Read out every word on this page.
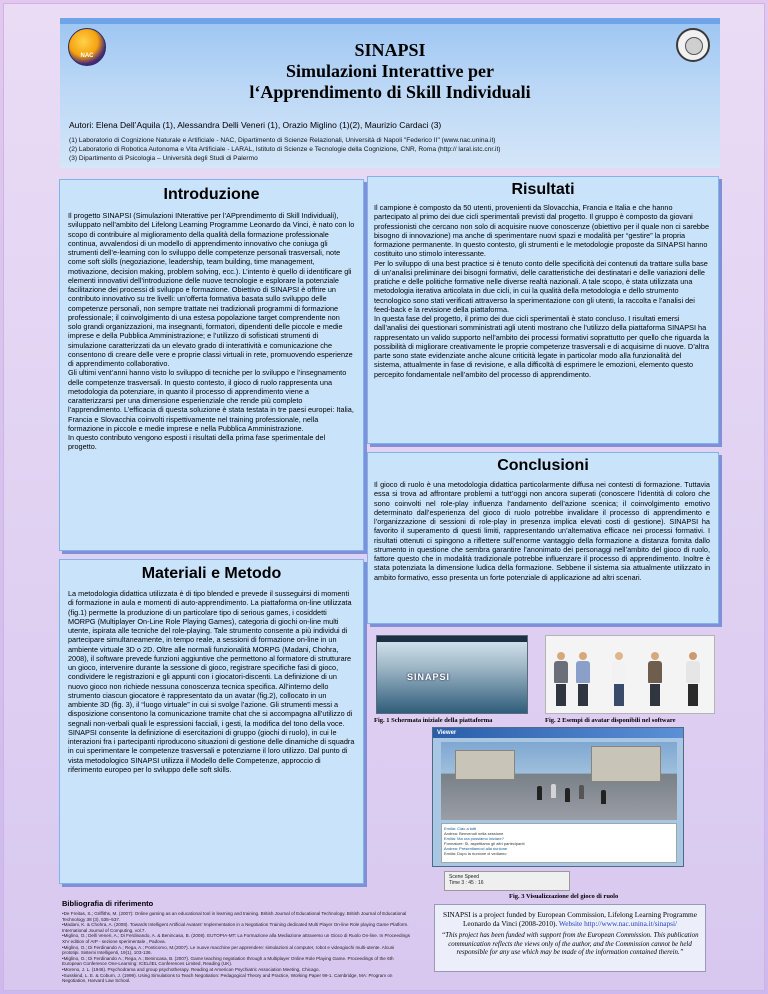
NAC	SINAPSI
Simulazioni Interattive per
l‘Apprendimento di Skill Individuali
Autori: Elena Dell’Aquila (1), Alessandra Delli Veneri (1), Orazio Miglino (1)(2), Maurizio Cardaci (3)
(1) Laboratorio di Cognizione Naturale e Artificiale - NAC, Dipartimento di Scienze Relazionali, Università di Napoli "Federico II" (www.nac.unina.it)
(2) Laboratorio di Robotica Autonoma e Vita Artificiale - LARAL, Istituto di Scienze e Tecnologie della Cognizione, CNR, Roma (http:// laral.istc.cnr.it)
(3) Dipartimento di Psicologia – Università degli Studi di Palermo
Introduzione
Il progetto SINAPSI (Simulazioni INterattive per l’APprendimento di Skill Individuali), sviluppato nell’ambito del Lifelong Learning Programme Leonardo da Vinci, è nato con lo scopo di contribuire al miglioramento della qualità della formazione professionale continua, avvalendosi di un modello di apprendimento innovativo che coniuga gli strumenti dell’e-learning con lo sviluppo delle competenze personali trasversali, note come soft skills (negoziazione, leadership, team building, time management, motivazione, decision making, problem solving, ecc.). L’intento è quello di identificare gli elementi innovativi dell’introduzione delle nuove tecnologie e esplorare la potenziale facilitazione dei processi di sviluppo e formazione. Obiettivo di SINAPSI è offrire un contributo innovativo su tre livelli: un’offerta formativa basata sullo sviluppo delle competenze personali, non sempre trattate nei tradizionali programmi di formazione professionale; il coinvolgimento di una estesa popolazione target comprendente non solo grandi organizzazioni, ma insegnanti, formatori, dipendenti delle piccole e medie imprese e della Pubblica Amministrazione; e l’utilizzo di sofisticati strumenti di simulazione caratterizzati da un elevato grado di interattività e comunicazione che consentono di creare delle vere e proprie classi virtuali in rete, promuovendo esperienze di apprendimento collaborativo.
Gli ultimi vent’anni hanno visto lo sviluppo di tecniche per lo sviluppo e l’insegnamento delle competenze trasversali. In questo contesto, il gioco di ruolo rappresenta una metodologia da potenziare, in quanto il processo di apprendimento viene a caratterizzarsi per una dimensione esperienziale che rende più completo l’apprendimento. L’efficacia di questa soluzione è stata testata in tre paesi europei: Italia, Francia e Slovacchia coinvolti rispettivamente nel training professionale, nella formazione in piccole e medie imprese e nella Pubblica Amministrazione.
In questo contributo vengono esposti i risultati della prima fase sperimentale del progetto.
Materiali e Metodo
La metodologia didattica utilizzata è di tipo blended e prevede il susseguirsi di momenti di formazione in aula e momenti di auto-apprendimento. La piattaforma on-line utilizzata (fig.1) permette la produzione di un particolare tipo di serious games, i cosiddetti MORPG (Multiplayer On-Line Role Playing Games), categoria di giochi on-line multi utente, ispirata alle tecniche del role-playing. Tale strumento consente a più individui di partecipare simultaneamente, in tempo reale, a sessioni di formazione on-line in un ambiente virtuale 3D o 2D. Oltre alle normali funzionalità MORPG (Madani, Chohra, 2008), il software prevede funzioni aggiuntive che permettono al formatore di strutturare un gioco, intervenire durante la sessione di gioco, registrare specifiche fasi di gioco, condividere le registrazioni e gli appunti con i giocatori-discenti. La definizione di un nuovo gioco non richiede nessuna conoscenza tecnica specifica. All’interno dello strumento ciascun giocatore è rappresentato da un avatar (fig.2), collocato in un ambiente 3D (fig. 3), il “luogo virtuale” in cui si svolge l’azione. Gli strumenti messi a disposizione consentono la comunicazione tramite chat che si accompagna all’utilizzo di segnali non-verbali quali le espressioni facciali, i gesti, la modifica del tono della voce.
SINAPSI consente la definizione di esercitazioni di gruppo (giochi di ruolo), in cui le interazioni fra i partecipanti riproducono situazioni di gestione delle dinamiche di squadra in cui sperimentare le competenze trasversali e potenziarne il loro utilizzo. Dal punto di vista metodologico SINAPSI utilizza il Modello delle Competenze, approccio di riferimento europeo per lo sviluppo delle soft skills.
Risultati
Il campione è composto da 50 utenti, provenienti da Slovacchia, Francia e Italia e che hanno partecipato al primo dei due cicli sperimentali previsti dal progetto. Il gruppo è composto da giovani professionisti che cercano non solo di acquisire nuove conoscenze (obiettivo per il quale non ci sarebbe bisogno di innovazione) ma anche di sperimentare nuovi spazi e modalità per “gestire” la propria formazione permanente. In questo contesto, gli strumenti e le metodologie proposte da SINAPSI hanno costituito uno stimolo interessante.
Per lo sviluppo di una best practice si è tenuto conto delle specificità dei contenuti da trattare sulla base di un’analisi preliminare dei bisogni formativi, delle caratteristiche dei destinatari e delle variazioni delle pratiche e delle politiche formative nelle diverse realtà nazionali. A tale scopo, è stata utilizzata una metodologia iterativa articolata in due cicli, in cui la qualità della metodologia e dello strumento tecnologico sono stati verificati attraverso la sperimentazione con gli utenti, la raccolta e l’analisi dei feed-back e la revisione della piattaforma.
In questa fase del progetto, il primo dei due cicli sperimentali è stato concluso. I risultati emersi dall’analisi dei questionari somministrati agli utenti mostrano che l’utilizzo della piattaforma SINAPSI ha rappresentato un valido supporto nell’ambito dei processi formativi soprattutto per quello che riguarda la possibilità di migliorare creativamente le proprie competenze trasversali e di acquisirne di nuove. D’altra parte sono state evidenziate anche alcune criticità legate in particolar modo alla funzionalità del sistema, attualmente in fase di revisione, e alla difficoltà di esprimere le emozioni, elemento questo percepito fondamentale nell’ambito del processo di apprendimento.
Conclusioni
Il gioco di ruolo è una metodologia didattica particolarmente diffusa nei contesti di formazione. Tuttavia essa si trova ad affrontare problemi a tutt’oggi non ancora superati (conoscere l’identità di coloro che sono coinvolti nel role-play influenza l’andamento dell’azione scenica; il coinvolgimento emotivo determinato dall’esperienza del gioco di ruolo potrebbe invalidare il processo di apprendimento e l’organizzazione di sessioni di role-play in presenza implica elevati costi di gestione). SINAPSI ha favorito il superamento di questi limiti, rappresentando un’alternativa efficace nei processi formativi. I risultati ottenuti ci spingono a riflettere sull’enorme vantaggio della formazione a distanza fornita dallo strumento in questione che sembra garantire l’anonimato dei personaggi nell’ambito del gioco di ruolo, fattore questo che in modalità tradizionale potrebbe influenzare il processo di apprendimento. Inoltre è stata potenziata la dimensione ludica della formazione. Sebbene il sistema sia attualmente utilizzato in ambito formativo, esso presenta un forte potenziale di applicazione ad altri scenari.
SINAPSI
Fig. 1 Schermata iniziale della piattaforma	Fig. 2 Esempi di avatar disponibili nel software
Viewer
Emilia: Ciao a tutti
Andrea: Benvenuti nella sessione
Emilia: Ma ora possiamo iniziare?
Formatore: Si, aspettiamo gli altri partecipanti
Andrea: Presentiamoci alla riunione
Emilia: Dopo la riunione ci vediamo
Scene Speed
Time 3 : 45 : 16
Fig. 3 Visualizzazione del gioco di ruolo
Bibliografia di riferimento
•De Freitas, S.; Griffiths, M. (2007): Online gaming as an educational tool in learning and training. British Journal of Educational Technology. British Journal of Educational Technology 38 (3), 535–537.
•Madani, K. & Chohra, A. (2008). Towards Intelligent Artificial Avatars' Implementation in a Negotiation Training dedicated Multi Player On-line Role playing Game Platform. International Journal of Computing, vol.7.
•Miglino, O.; Delli Veneri, A.; Di Ferdinando, A. & Benincasa, B. (2008). EUTOPIA-MT: La Formazione alla Mediazione attraverso un Gioco di Ruolo On-line. In Proceedings XIV edition of AIP - sezione sperimentale , Padova.
•Miglino, O.; Di Ferdinando A.; Rega, A.; Ponticorvo, M.(2007). Le nuove macchine per apprendere: simulazioni al computer, robot e videogiochi multi-utente. Alcuni prototipi. Sistemi Intelligenti, 19(1), 103-136.
•Miglino, O.; Di Ferdinando A.; Rega, A.; Benincasa, B. (2007). Game teaching negotiation through a Multiplayer Online Role Playing Game. Proceedings of the 6th European Conference One-Learning: ICEL/IEL Conferences Limited, Reading (UK).
•Moreno, J. L. (1946). Psychodrama and group psychotherapy. Reading at American Psychiatric Association Meeting, Chicago.
•Susskind, L. E. & Coburn, J. (1999). Using Simulations to Teach Negotiation: Pedagogical Theory and Practice, Working Paper 99-1. Cambridge, MA: Program on Negotiation, Harvard Law School.
SINAPSI is a project funded by European Commission, Lifelong Learning Programme Leonardo da Vinci (2008-2010). Website http://www.nac.unina.it/sinapsi/
“This project has been funded with support from the European Commission. This publication communication reflects the views only of the author, and the Commission cannot be held responsible for any use which may be made of the information contained therein.”
